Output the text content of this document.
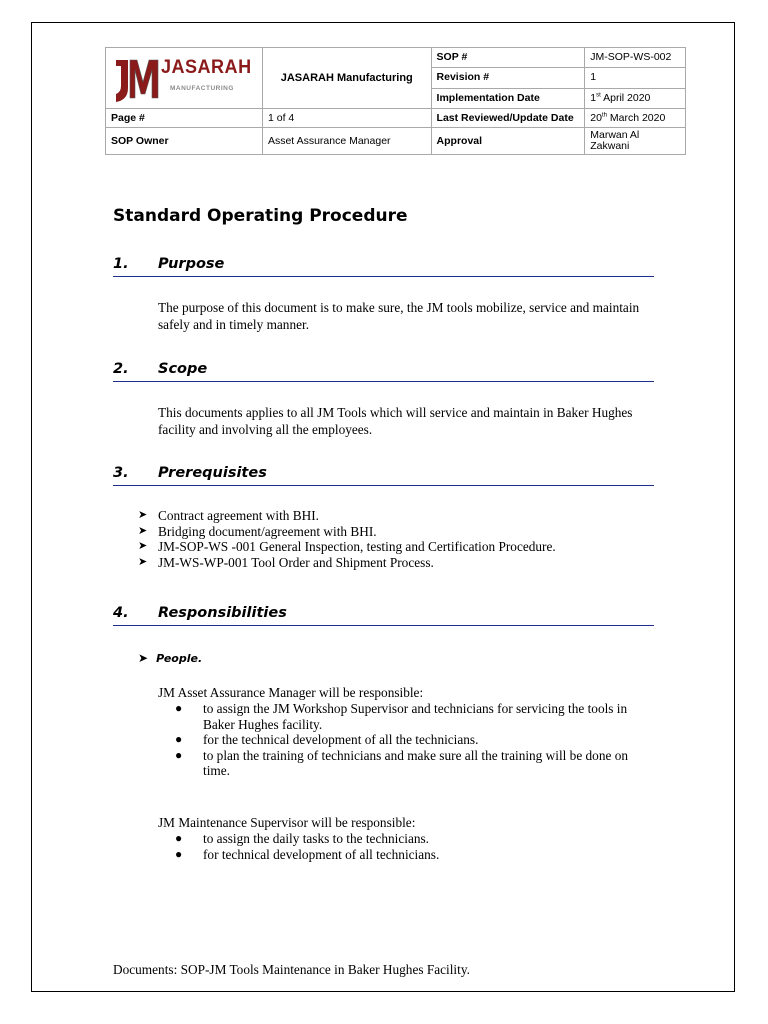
JASARAH
MANUFACTURING	JASARAH Manufacturing	SOP #	JM-SOP-WS-002
		Revision #	1
		Implementation Date	1st April 2020
Page #	1 of 4	Last Reviewed/Update Date	20th March 2020
SOP Owner	Asset Assurance Manager	Approval	Marwan Al Zakwani
Standard Operating Procedure
1. Purpose

The purpose of this document is to make sure, the JM tools mobilize, service and maintain safely and in timely manner.

2. Scope

This documents applies to all JM Tools which will service and maintain in Baker Hughes facility and involving all the employees.

3. Prerequisites
➤ Contract agreement with BHI.
➤ Bridging document/agreement with BHI.
➤ JM-SOP-WS -001 General Inspection, testing and Certification Procedure.
➤ JM-WS-WP-001 Tool Order and Shipment Process.
4. Responsibilities
➤ People.
JM Asset Assurance Manager will be responsible:
● to assign the JM Workshop Supervisor and technicians for servicing the tools in Baker Hughes facility.
● for the technical development of all the technicians.
● to plan the training of technicians and make sure all the training will be done on time.
JM Maintenance Supervisor will be responsible:
● to assign the daily tasks to the technicians.
● for technical development of all technicians.
Documents: SOP-JM Tools Maintenance in Baker Hughes Facility.
